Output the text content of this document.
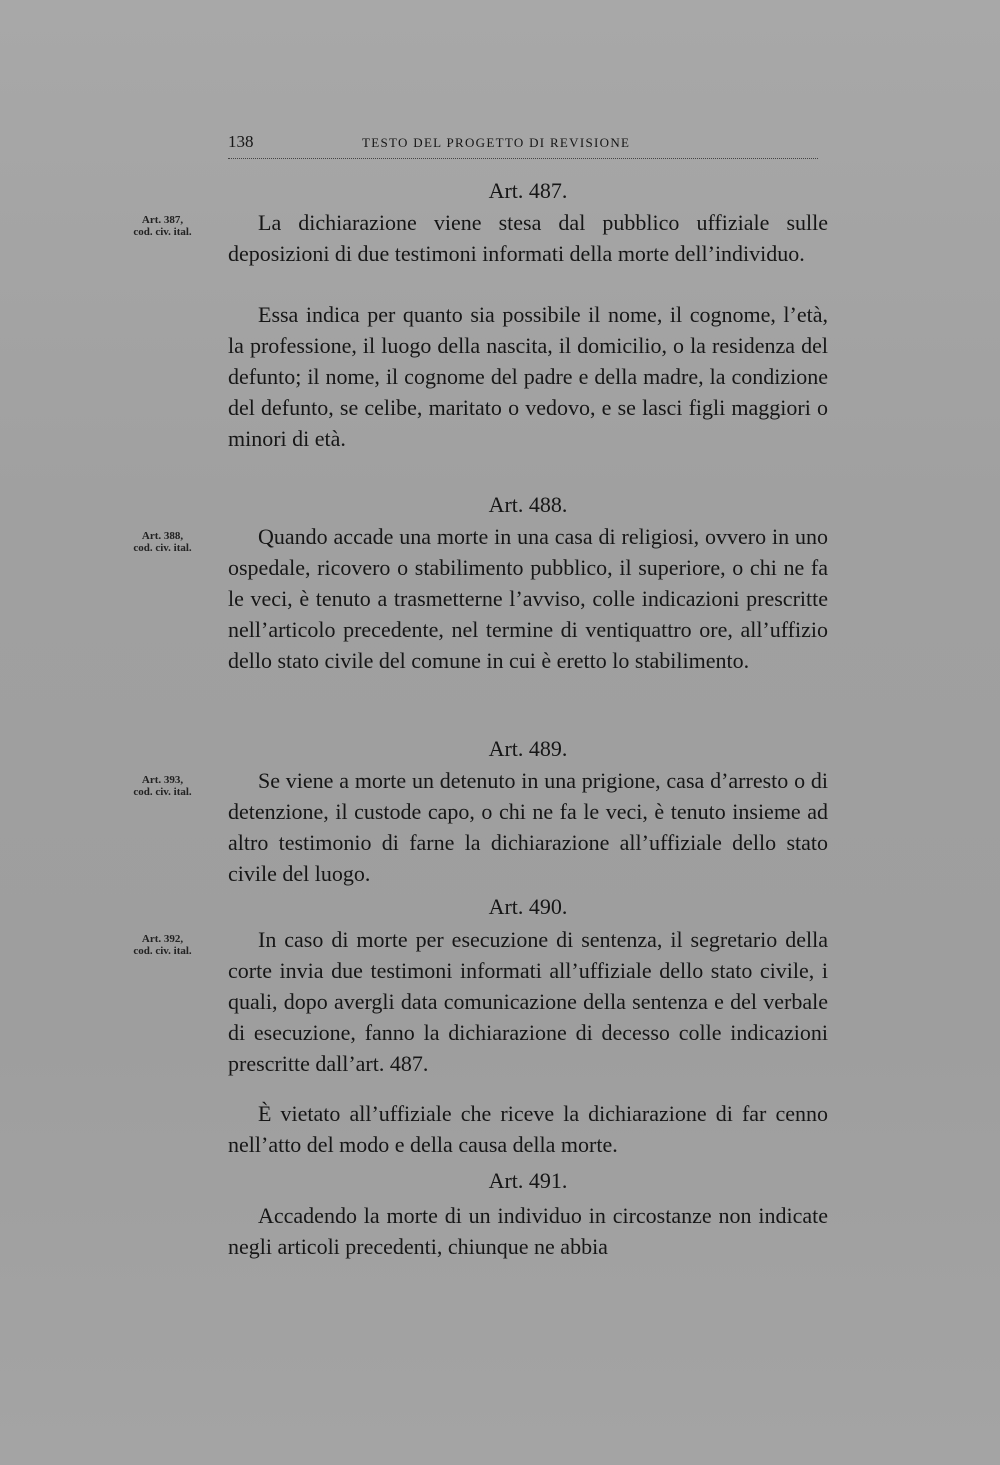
138	TESTO DEL PROGETTO DI REVISIONE
Art. 487.
Art. 387,
cod. civ. ital.	La dichiarazione viene stesa dal pubblico uffiziale sulle deposizioni di due testimoni informati della morte dell’individuo.
Essa indica per quanto sia possibile il nome, il cognome, l’età, la professione, il luogo della nascita, il domicilio, o la residenza del defunto; il nome, il cognome del padre e della madre, la condizione del defunto, se celibe, maritato o vedovo, e se lasci figli maggiori o minori di età.
Art. 488.
Art. 388,
cod. civ. ital.	Quando accade una morte in una casa di religiosi, ovvero in uno ospedale, ricovero o stabilimento pubblico, il superiore, o chi ne fa le veci, è tenuto a trasmetterne l’avviso, colle indicazioni prescritte nell’articolo precedente, nel termine di ventiquattro ore, all’uffizio dello stato civile del comune in cui è eretto lo stabilimento.
Art. 489.
Art. 393,
cod. civ. ital.	Se viene a morte un detenuto in una prigione, casa d’arresto o di detenzione, il custode capo, o chi ne fa le veci, è tenuto insieme ad altro testimonio di farne la dichiarazione all’uffiziale dello stato civile del luogo.
Art. 490.
Art. 392,
cod. civ. ital.	In caso di morte per esecuzione di sentenza, il segretario della corte invia due testimoni informati all’uffiziale dello stato civile, i quali, dopo avergli data comunicazione della sentenza e del verbale di esecuzione, fanno la dichiarazione di decesso colle indicazioni prescritte dall’art. 487.
È vietato all’uffiziale che riceve la dichiarazione di far cenno nell’atto del modo e della causa della morte.
Art. 491.
Accadendo la morte di un individuo in circostanze non indicate negli articoli precedenti, chiunque ne abbia
